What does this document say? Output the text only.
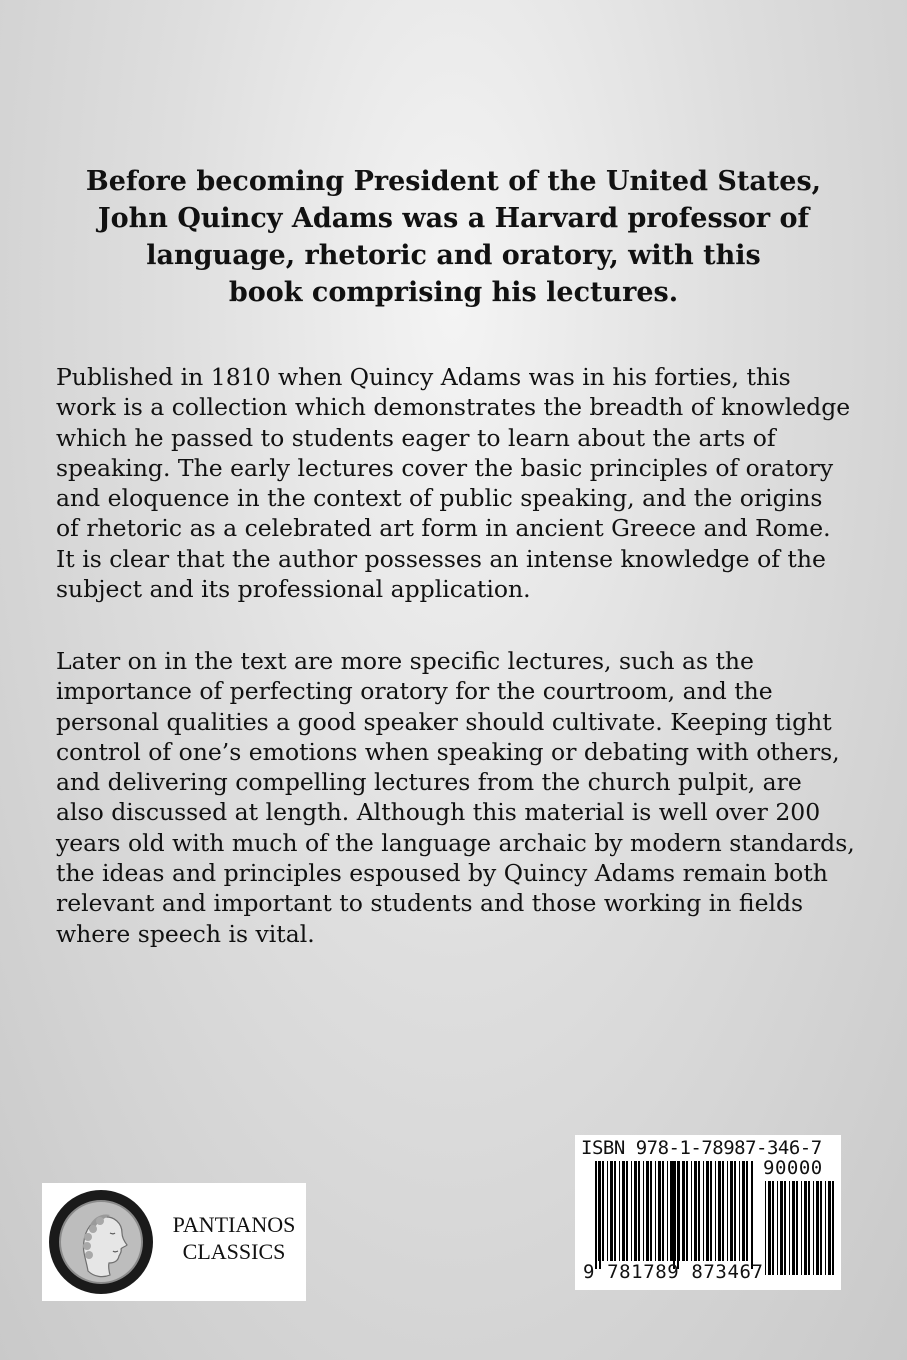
Before becoming President of the United States,
John Quincy Adams was a Harvard professor of
language, rhetoric and oratory, with this
book comprising his lectures.
Published in 1810 when Quincy Adams was in his forties, this
work is a collection which demonstrates the breadth of knowledge
which he passed to students eager to learn about the arts of
speaking. The early lectures cover the basic principles of oratory
and eloquence in the context of public speaking, and the origins
of rhetoric as a celebrated art form in ancient Greece and Rome.
It is clear that the author possesses an intense knowledge of the
subject and its professional application.
Later on in the text are more specific lectures, such as the
importance of perfecting oratory for the courtroom, and the
personal qualities a good speaker should cultivate. Keeping tight
control of one’s emotions when speaking or debating with others,
and delivering compelling lectures from the church pulpit, are
also discussed at length. Although this material is well over 200
years old with much of the language archaic by modern standards,
the ideas and principles espoused by Quincy Adams remain both
relevant and important to students and those working in fields
where speech is vital.
PANTIANOS
CLASSICS
ISBN 978-1-78987-346-7
90000
9 781789 873467
